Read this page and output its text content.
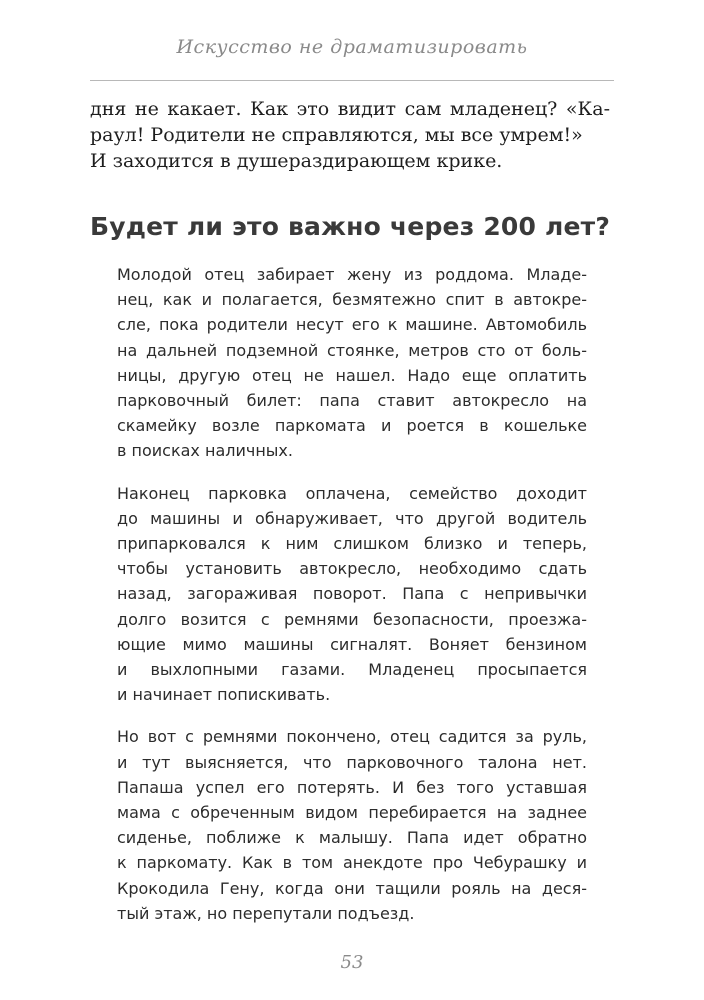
Искусство не драматизировать
дня не какает. Как это видит сам младенец? «Ка-
раул! Родители не справляются, мы все умрем!»
И заходится в душераздирающем крике.
Будет ли это важно через 200 лет?
Молодой отец забирает жену из роддома. Младе-
нец, как и полагается, безмятежно спит в автокре-
сле, пока родители несут его к машине. Автомобиль
на дальней подземной стоянке, метров сто от боль-
ницы, другую отец не нашел. Надо еще оплатить
парковочный билет: папа ставит автокресло на
скамейку возле паркомата и роется в кошельке
в поисках наличных.
Наконец парковка оплачена, семейство доходит
до машины и обнаруживает, что другой водитель
припарковался к ним слишком близко и теперь,
чтобы установить автокресло, необходимо сдать
назад, загораживая поворот. Папа с непривычки
долго возится с ремнями безопасности, проезжа-
ющие мимо машины сигналят. Воняет бензином
и выхлопными газами. Младенец просыпается
и начинает попискивать.
Но вот с ремнями покончено, отец садится за руль,
и тут выясняется, что парковочного талона нет.
Папаша успел его потерять. И без того уставшая
мама с обреченным видом перебирается на заднее
сиденье, поближе к малышу. Папа идет обратно
к паркомату. Как в том анекдоте про Чебурашку и
Крокодила Гену, когда они тащили рояль на деся-
тый этаж, но перепутали подъезд.
53
